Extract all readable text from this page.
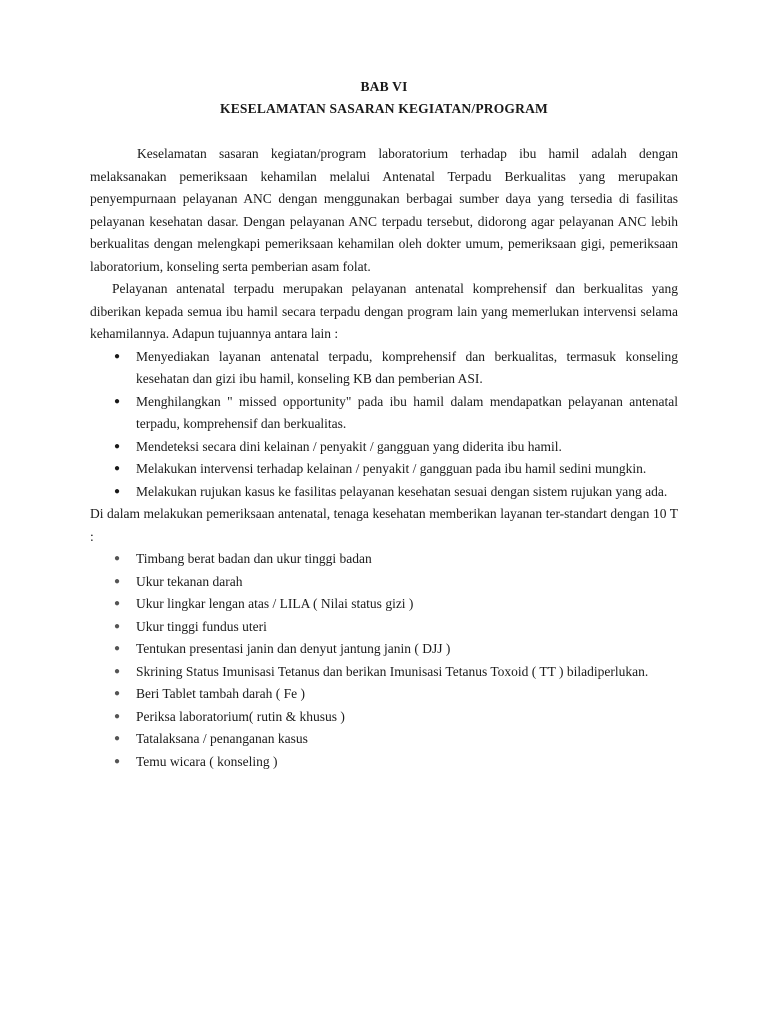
BAB VI
KESELAMATAN SASARAN KEGIATAN/PROGRAM

Keselamatan sasaran kegiatan/program laboratorium terhadap ibu hamil adalah dengan melaksanakan pemeriksaan kehamilan melalui Antenatal Terpadu Berkualitas yang merupakan penyempurnaan pelayanan ANC dengan menggunakan berbagai sumber daya yang tersedia di fasilitas pelayanan kesehatan dasar. Dengan pelayanan ANC terpadu tersebut, didorong agar pelayanan ANC lebih berkualitas dengan melengkapi pemeriksaan kehamilan oleh dokter umum, pemeriksaan gigi, pemeriksaan laboratorium, konseling serta pemberian asam folat.

Pelayanan antenatal terpadu merupakan pelayanan antenatal komprehensif dan berkualitas yang diberikan kepada semua ibu hamil secara terpadu dengan program lain yang memerlukan intervensi selama kehamilannya. Adapun tujuannya antara lain :

● Menyediakan layanan antenatal terpadu, komprehensif dan berkualitas, termasuk konseling kesehatan dan gizi ibu hamil, konseling KB dan pemberian ASI.
● Menghilangkan " missed opportunity" pada ibu hamil dalam mendapatkan pelayanan antenatal terpadu, komprehensif dan berkualitas.
● Mendeteksi secara dini kelainan / penyakit / gangguan yang diderita ibu hamil.
● Melakukan intervensi terhadap kelainan / penyakit / gangguan pada ibu hamil sedini mungkin.
● Melakukan rujukan kasus ke fasilitas pelayanan kesehatan sesuai dengan sistem rujukan yang ada.

Di dalam melakukan pemeriksaan antenatal, tenaga kesehatan memberikan layanan ter-standart dengan 10 T :

● Timbang berat badan dan ukur tinggi badan
● Ukur tekanan darah
● Ukur lingkar lengan atas / LILA ( Nilai status gizi )
● Ukur tinggi fundus uteri
● Tentukan presentasi janin dan denyut jantung janin ( DJJ )
● Skrining Status Imunisasi Tetanus dan berikan Imunisasi Tetanus Toxoid ( TT ) biladiperlukan.
● Beri Tablet tambah darah ( Fe )
● Periksa laboratorium( rutin & khusus )
● Tatalaksana / penanganan kasus
● Temu wicara ( konseling )
